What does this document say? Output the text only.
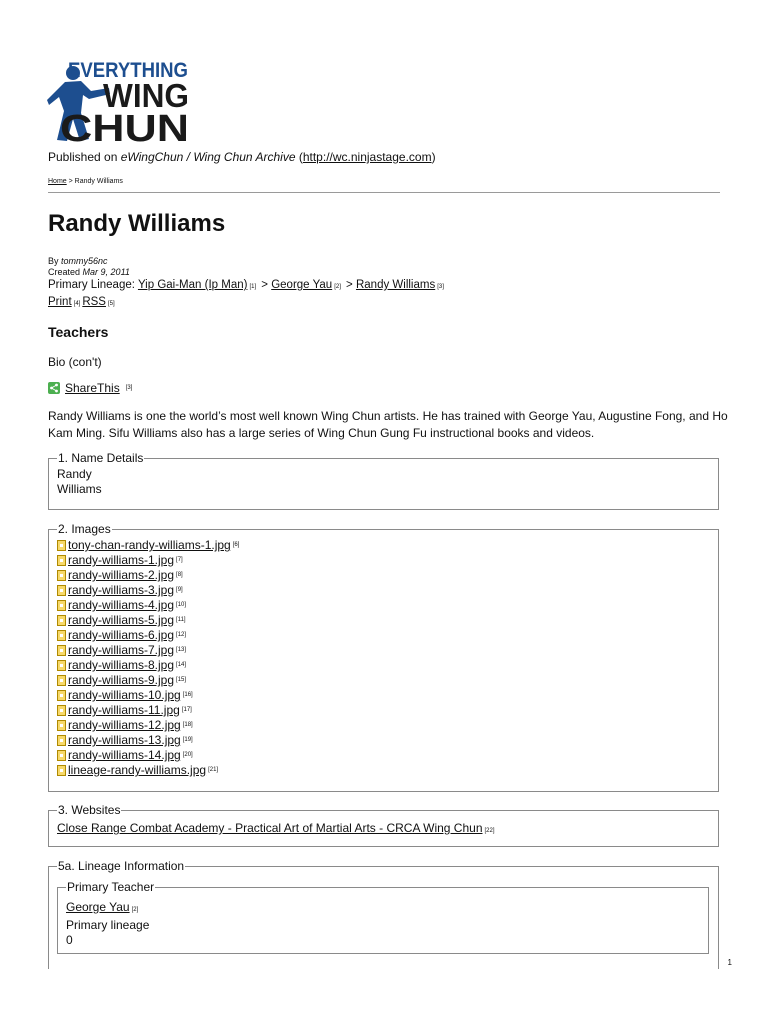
EVERYTHING
WING
CHUN
Published on eWingChun / Wing Chun Archive (http://wc.ninjastage.com)
Home > Randy Williams
Randy Williams
By tommy56nc
Created Mar 9, 2011
Primary Lineage: Yip Gai-Man (Ip Man) [1] > George Yau [2] > Randy Williams [3]
Print [4] RSS [5]
Teachers
Bio (con't)
ShareThis [3]
Randy Williams is one the world’s most well known Wing Chun artists. He has trained with George Yau, Augustine Fong, and Ho Kam Ming. Sifu Williams also has a large series of Wing Chun Gung Fu instructional books and videos.
1. Name Details
Randy
Williams
2. Images
tony-chan-randy-williams-1.jpg [6]
randy-williams-1.jpg [7]
randy-williams-2.jpg [8]
randy-williams-3.jpg [9]
randy-williams-4.jpg [10]
randy-williams-5.jpg [11]
randy-williams-6.jpg [12]
randy-williams-7.jpg [13]
randy-williams-8.jpg [14]
randy-williams-9.jpg [15]
randy-williams-10.jpg [16]
randy-williams-11.jpg [17]
randy-williams-12.jpg [18]
randy-williams-13.jpg [19]
randy-williams-14.jpg [20]
lineage-randy-williams.jpg [21]
3. Websites
Close Range Combat Academy - Practical Art of Martial Arts - CRCA Wing Chun [22]
5a. Lineage Information
Primary Teacher
George Yau [2]
Primary lineage
0
1
